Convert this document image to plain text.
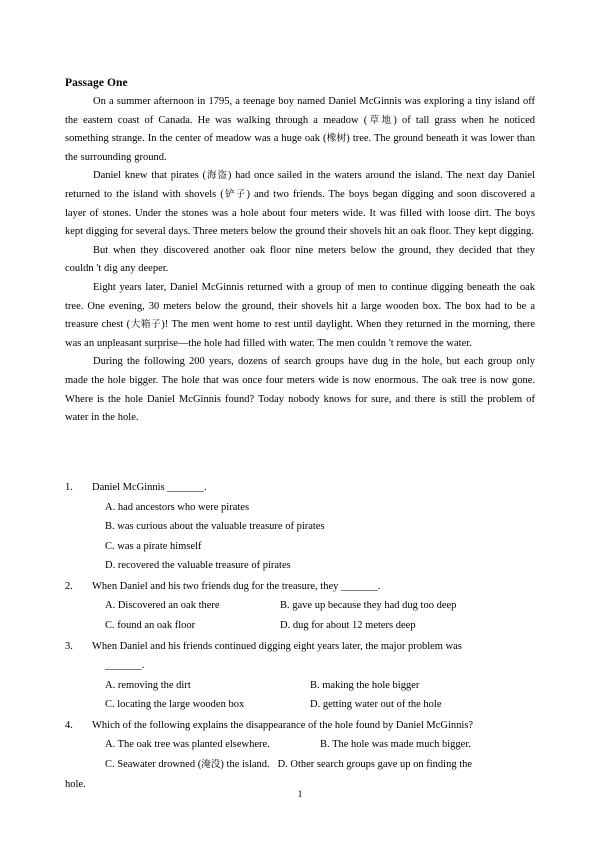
Passage One

On a summer afternoon in 1795, a teenage boy named Daniel McGinnis was exploring a tiny island off the eastern coast of Canada. He was walking through a meadow (草地) of tall grass when he noticed something strange. In the center of meadow was a huge oak (橡树) tree. The ground beneath it was lower than the surrounding ground.

Daniel knew that pirates (海盗) had once sailed in the waters around the island. The next day Daniel returned to the island with shovels (铲子) and two friends. The boys began digging and soon discovered a layer of stones. Under the stones was a hole about four meters wide. It was filled with loose dirt. The boys kept digging for several days. Three meters below the ground their shovels hit an oak floor. They kept digging.

But when they discovered another oak floor nine meters below the ground, they decided that they couldn 't dig any deeper.

Eight years later, Daniel McGinnis returned with a group of men to continue digging beneath the oak tree. One evening, 30 meters below the ground, their shovels hit a large wooden box. The box had to be a treasure chest (大箱子)! The men went home to rest until daylight. When they returned in the morning, there was an unpleasant surprise—the hole had filled with water. The men couldn 't remove the water.

During the following 200 years, dozens of search groups have dug in the hole, but each group only made the hole bigger. The hole that was once four meters wide is now enormous. The oak tree is now gone. Where is the hole Daniel McGinnis found? Today nobody knows for sure, and there is still the problem of water in the hole.

1. Daniel McGinnis _______.

A. had ancestors who were pirates
B. was curious about the valuable treasure of pirates
C. was a pirate himself
D. recovered the valuable treasure of pirates

2. When Daniel and his two friends dug for the treasure, they _______.

A. Discovered an oak there	B. gave up because they had dug too deep
C. found an oak floor	D. dug for about 12 meters deep

3. When Daniel and his friends continued digging eight years later, the major problem was

_______.
A. removing the dirt	B. making the hole bigger
C. locating the large wooden box	D. getting water out of the hole

4. Which of the following explains the disappearance of the hole found by Daniel McGinnis?

A. The oak tree was planted elsewhere.	B. The hole was made much bigger.

C. Seawater drowned (淹没) the island. D. Other search groups gave up on finding the

hole.

1
